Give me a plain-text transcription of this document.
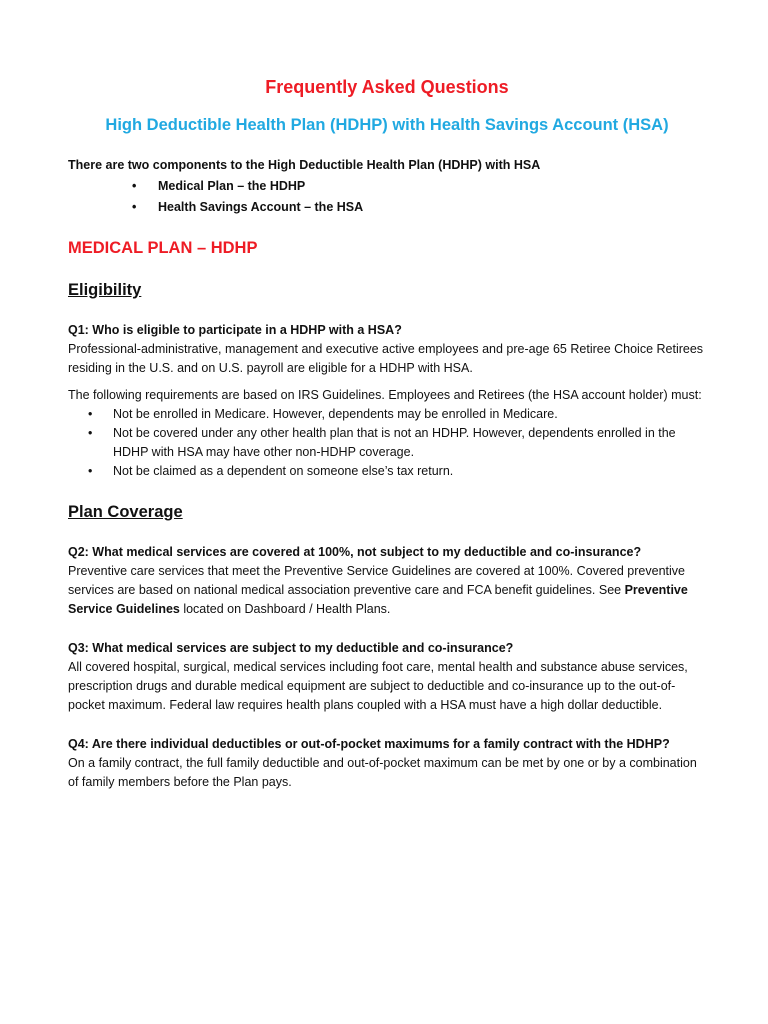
Frequently Asked Questions
High Deductible Health Plan (HDHP) with Health Savings Account (HSA)

There are two components to the High Deductible Health Plan (HDHP) with HSA

• Medical Plan – the HDHP
• Health Savings Account – the HSA
MEDICAL PLAN – HDHP
Eligibility

Q1: Who is eligible to participate in a HDHP with a HSA?

Professional-administrative, management and executive active employees and pre-age 65 Retiree Choice Retirees residing in the U.S. and on U.S. payroll are eligible for a HDHP with HSA.

The following requirements are based on IRS Guidelines. Employees and Retirees (the HSA account holder) must:

• Not be enrolled in Medicare. However, dependents may be enrolled in Medicare.
• Not be covered under any other health plan that is not an HDHP. However, dependents enrolled in the HDHP with HSA may have other non-HDHP coverage.
• Not be claimed as a dependent on someone else’s tax return.
Plan Coverage

Q2: What medical services are covered at 100%, not subject to my deductible and co-insurance?

Preventive care services that meet the Preventive Service Guidelines are covered at 100%. Covered preventive services are based on national medical association preventive care and FCA benefit guidelines. See Preventive Service Guidelines located on Dashboard / Health Plans.

Q3: What medical services are subject to my deductible and co-insurance?

All covered hospital, surgical, medical services including foot care, mental health and substance abuse services, prescription drugs and durable medical equipment are subject to deductible and co-insurance up to the out-of-pocket maximum. Federal law requires health plans coupled with a HSA must have a high dollar deductible.

Q4: Are there individual deductibles or out-of-pocket maximums for a family contract with the HDHP?

On a family contract, the full family deductible and out-of-pocket maximum can be met by one or by a combination of family members before the Plan pays.
